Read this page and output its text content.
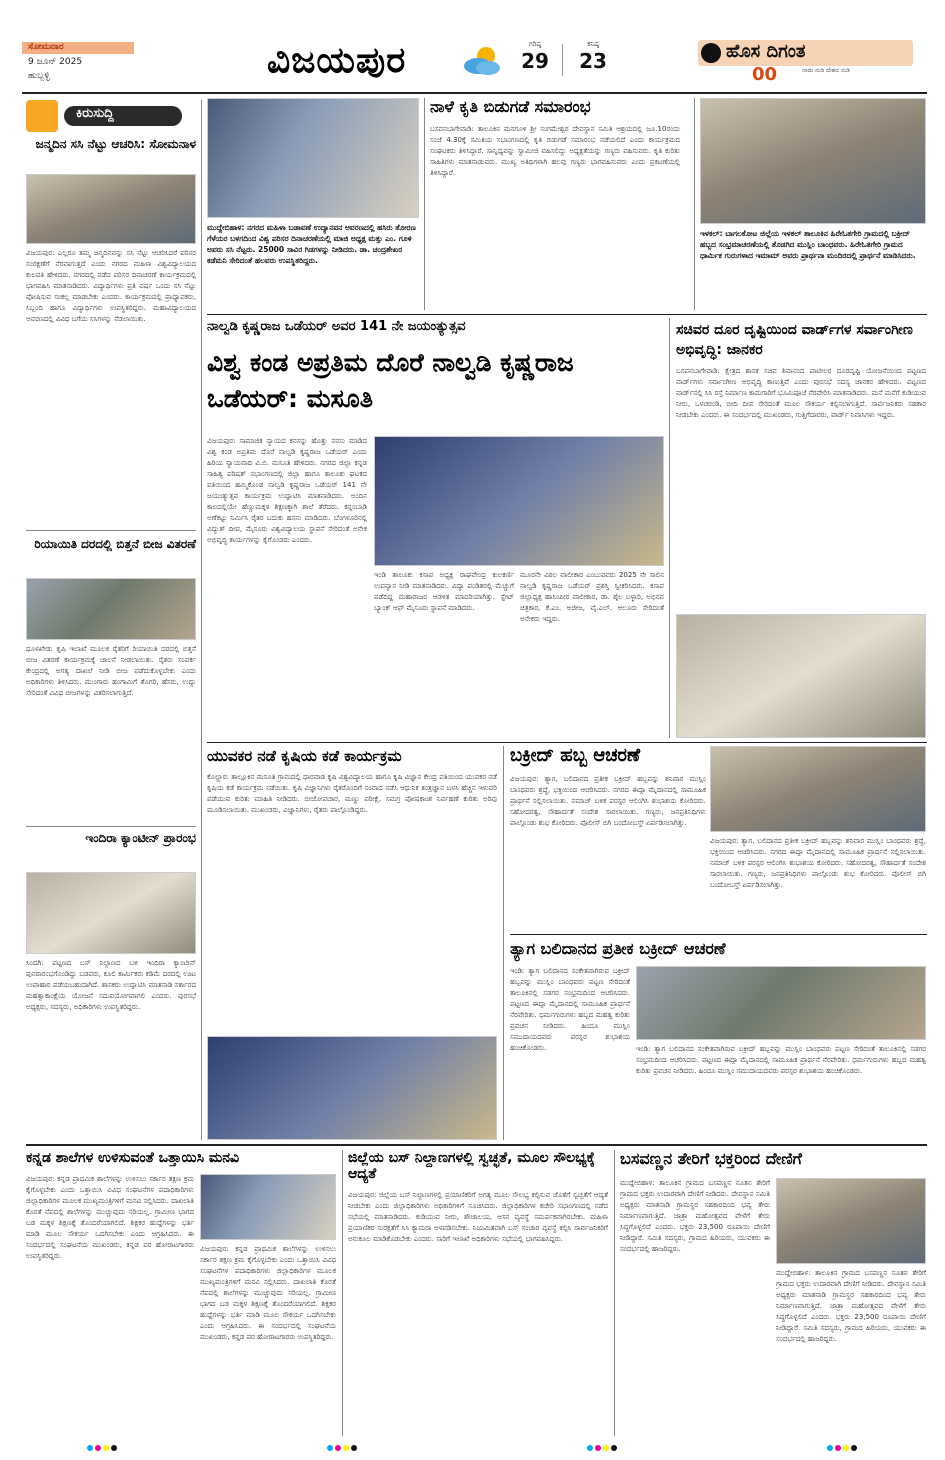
ಸೋಮವಾರ
9 ಜೂನ್ 2025
ಹುಬ್ಬಳ್ಳಿ	ವಿಜಯಪುರ	ಗರಿಷ್ಠ
29
ಕನಿಷ್ಠ
23	ಹೊಸ ದಿಗಂತ
ನಾಡು ನುಡಿ ದೇಶದ ನುಡಿ
00
ಕಿರುಸುದ್ದಿ
ಜನ್ಮದಿನ ಸಸಿ ನೆಟ್ಟು ಆಚರಿಸಿ: ಸೋಮನಾಳ
ವಿಜಯಪುರ: ಎಲ್ಲರೂ ತಮ್ಮ ಜನ್ಮದಿನವನ್ನು ಸಸಿ ನೆಟ್ಟು ಆಚರಿಸಿದರೆ ಪರಿಸರ ಸಂರಕ್ಷಣೆಗೆ ನೆರವಾಗುತ್ತದೆ ಎಂದು ನಗರದ ಮಹಿಳಾ ವಿಶ್ವವಿದ್ಯಾಲಯದ ಕುಲಪತಿ ಹೇಳಿದರು. ನಗರದಲ್ಲಿ ನಡೆದ ಪರಿಸರ ದಿನಾಚರಣೆ ಕಾರ್ಯಕ್ರಮದಲ್ಲಿ ಭಾಗವಹಿಸಿ ಮಾತನಾಡಿದರು. ವಿದ್ಯಾರ್ಥಿಗಳು ಪ್ರತಿ ವರ್ಷ ಒಂದು ಸಸಿ ನೆಟ್ಟು ಪೋಷಿಸುವ ಸಂಕಲ್ಪ ಮಾಡಬೇಕು ಎಂದರು. ಕಾರ್ಯಕ್ರಮದಲ್ಲಿ ಪ್ರಾಧ್ಯಾಪಕರು, ಸಿಬ್ಬಂದಿ ಹಾಗೂ ವಿದ್ಯಾರ್ಥಿಗಳು ಉಪಸ್ಥಿತರಿದ್ದರು. ಮಹಾವಿದ್ಯಾಲಯದ ಆವರಣದಲ್ಲಿ ವಿವಿಧ ಬಗೆಯ ಸಸಿಗಳನ್ನು ನೆಡಲಾಯಿತು.
ರಿಯಾಯಿತಿ ದರದಲ್ಲಿ ಬಿತ್ತನೆ ಬೀಜ ವಿತರಣೆ
ಧೂಳಖೇಡ: ಕೃಷಿ ಇಲಾಖೆ ಮೂಲಕ ರೈತರಿಗೆ ರಿಯಾಯಿತಿ ದರದಲ್ಲಿ ಬಿತ್ತನೆ ಬೀಜ ವಿತರಣೆ ಕಾರ್ಯಕ್ರಮಕ್ಕೆ ಚಾಲನೆ ನೀಡಲಾಯಿತು. ರೈತರು ಸಂಪರ್ಕ ಕೇಂದ್ರದಲ್ಲಿ ಅಗತ್ಯ ದಾಖಲೆ ನೀಡಿ ಬೀಜ ಪಡೆದುಕೊಳ್ಳಬೇಕು ಎಂದು ಅಧಿಕಾರಿಗಳು ತಿಳಿಸಿದರು. ಮುಂಗಾರು ಹಂಗಾಮಿಗೆ ತೊಗರಿ, ಹೆಸರು, ಉದ್ದು ಸೇರಿದಂತೆ ವಿವಿಧ ಬೀಜಗಳನ್ನು ವಿತರಿಸಲಾಗುತ್ತಿದೆ.
ಇಂದಿರಾ ಕ್ಯಾಂಟೀನ್ ಪ್ರಾರಂಭ
ಸಿಂದಗಿ: ಪಟ್ಟಣದ ಬಸ್ ನಿಲ್ದಾಣದ ಬಳಿ ಇಂದಿರಾ ಕ್ಯಾಂಟೀನ್ ಪುನರಾರಂಭಗೊಂಡಿದ್ದು ಬಡವರು, ಕೂಲಿ ಕಾರ್ಮಿಕರು ಕಡಿಮೆ ದರದಲ್ಲಿ ಊಟ ಉಪಾಹಾರ ಪಡೆಯಬಹುದಾಗಿದೆ. ಶಾಸಕರು ಉದ್ಘಾಟಿಸಿ ಮಾತನಾಡಿ ಸರ್ಕಾರದ ಮಹತ್ವಾಕಾಂಕ್ಷೆಯ ಯೋಜನೆ ಸದುಪಯೋಗವಾಗಲಿ ಎಂದರು. ಪುರಸಭೆ ಅಧ್ಯಕ್ಷರು, ಸದಸ್ಯರು, ಅಧಿಕಾರಿಗಳು ಉಪಸ್ಥಿತರಿದ್ದರು.
ಮುದ್ದೇಬಿಹಾಳ: ನಗರದ ಮಹಿಳಾ ಬಡಾವಣೆ ಉದ್ಯಾನವನ ಆವರಣದಲ್ಲಿ ಹಸಿರು ತೋರಣ ಗೆಳೆಯರ ಬಳಗದಿಂದ ವಿಶ್ವ ಪರಿಸರ ದಿನಾಚರಣೆಯಲ್ಲಿ ಮಾಜಿ ಅಧ್ಯಕ್ಷ ಮತ್ತು ಎಂ. ಗೂಳಿ ಅವರು ಸಸಿ ನೆಟ್ಟರು. 25000 ಸಾವಿರ ಗಿಡಗಳನ್ನು ನೀಡಿದರು. ಡಾ. ಚಂದ್ರಶೇಖರ ಕಡೆಮನಿ ಸೇರಿದಂತೆ ಹಲವರು ಉಪಸ್ಥಿತರಿದ್ದರು.
ನಾಳೆ ಕೃತಿ ಬಿಡುಗಡೆ ಸಮಾರಂಭ
ಬಸವನಬಾಗೇವಾಡಿ: ತಾಲೂಕಿನ ಮನಗೂಳಿ ಶ್ರೀ ಸಂಗಮೇಶ್ವರ ದೇವಸ್ಥಾನ ಸಮಿತಿ ಆಶ್ರಯದಲ್ಲಿ ಜೂ.10ರಂದು ಸಂಜೆ 4.30ಕ್ಕೆ ಸಮಿತಿಯ ಸಭಾಂಗಣದಲ್ಲಿ ಕೃತಿ ಬಿಡುಗಡೆ ಸಮಾರಂಭ ನಡೆಯಲಿದೆ ಎಂದು ಕಾರ್ಯಕ್ರಮದ ಸಂಘಟಕರು ತಿಳಿಸಿದ್ದಾರೆ. ಸಾನ್ನಿಧ್ಯವನ್ನು ಸ್ವಾಮೀಜಿ ವಹಿಸಲಿದ್ದು ಅಧ್ಯಕ್ಷತೆಯನ್ನು ಗಣ್ಯರು ವಹಿಸುವರು. ಕೃತಿ ಕುರಿತು ಸಾಹಿತಿಗಳು ಮಾತನಾಡುವರು. ಮುಖ್ಯ ಅತಿಥಿಗಳಾಗಿ ಹಲವು ಗಣ್ಯರು ಭಾಗವಹಿಸುವರು ಎಂದು ಪ್ರಕಟಣೆಯಲ್ಲಿ ತಿಳಿಸಿದ್ದಾರೆ.
ಇಳಕಲ್: ಬಾಗಲಕೋಟ ಜಿಲ್ಲೆಯ ಇಳಕಲ್ ತಾಲೂಕಿನ ಹಿರೇಓತಗೇರಿ ಗ್ರಾಮದಲ್ಲಿ ಬಕ್ರೀದ್ ಹಬ್ಬದ ಸಂಭ್ರಮಾಚರಣೆಯಲ್ಲಿ ತೊಡಗಿದ ಮುಸ್ಲಿಂ ಬಾಂಧವರು. ಹಿರೇಓತಗೇರಿ ಗ್ರಾಮದ ಧಾರ್ಮಿಕ ಗುರುಗಳಾದ ಇಮಾಮ್ ಅವರು ಪ್ರಾರ್ಥನಾ ಮಂದಿರದಲ್ಲಿ ಪ್ರಾರ್ಥನೆ ಮಾಡಿಸಿದರು.
ನಾಲ್ವಡಿ ಕೃಷ್ಣರಾಜ ಒಡೆಯರ್ ಅವರ 141 ನೇ ಜಯಂತ್ಯುತ್ಸವ
ವಿಶ್ವ ಕಂಡ ಅಪ್ರತಿಮ ದೊರೆ ನಾಲ್ವಡಿ ಕೃಷ್ಣರಾಜ ಒಡೆಯರ್: ಮಸೂತಿ
ವಿಜಯಪುರ: ಸಾಮಾಜಿಕ ನ್ಯಾಯದ ಕನಸನ್ನು ಹೊತ್ತು ನನಸು ಮಾಡಿದ ವಿಶ್ವ ಕಂಡ ಅಪ್ರತಿಮ ದೊರೆ ನಾಲ್ವಡಿ ಕೃಷ್ಣರಾಜ ಒಡೆಯರ್ ಎಂದು ಹಿರಿಯ ನ್ಯಾಯವಾದಿ ವಿ.ಬಿ. ಮಸೂತಿ ಹೇಳಿದರು. ನಗರದ ಜಿಲ್ಲಾ ಕನ್ನಡ ಸಾಹಿತ್ಯ ಪರಿಷತ್ ಸಭಾಂಗಣದಲ್ಲಿ ಜಿಲ್ಲಾ ಹಾಗೂ ತಾಲೂಕು ಘಟಕದ ವತಿಯಿಂದ ಹಮ್ಮಿಕೊಂಡ ನಾಲ್ವಡಿ ಕೃಷ್ಣರಾಜ ಒಡೆಯರ್ 141 ನೇ ಜಯಂತ್ಯುತ್ಸವ ಕಾರ್ಯಕ್ರಮ ಉದ್ಘಾಟಿಸಿ ಮಾತನಾಡಿದರು. ಅಂದಿನ ಕಾಲದಲ್ಲಿಯೇ ಹೆಣ್ಣುಮಕ್ಕಳ ಶಿಕ್ಷಣಕ್ಕಾಗಿ ಶಾಲೆ ತೆರೆದರು. ಕನ್ನಂಬಾಡಿ ಅಣೆಕಟ್ಟು ನಿರ್ಮಿಸಿ ರೈತರ ಬದುಕು ಹಸನು ಮಾಡಿದರು. ಬೆಂಗಳೂರಿನಲ್ಲಿ ವಿದ್ಯುತ್ ದೀಪ, ಮೈಸೂರು ವಿಶ್ವವಿದ್ಯಾಲಯ ಸ್ಥಾಪನೆ ಸೇರಿದಂತೆ ಅನೇಕ ಅಭಿವೃದ್ಧಿ ಕಾರ್ಯಗಳನ್ನು ಕೈಗೊಂಡರು ಎಂದರು.
ಇಂಡಿ ತಾಲೂಕು ಕಸಾಪ ಅಧ್ಯಕ್ಷ ರಾಘವೇಂದ್ರ ಕುಲಕರ್ಣಿ ಉಪನ್ಯಾಸ ನೀಡಿ ಮಾತನಾಡಿದರು. ವಿದ್ಯಾ ಪಂಡಿತರಲ್ಲಿ ಮೆಚ್ಚುಗೆ ಪಡೆದಿದ್ದ ಮಹಾರಾಜರ ಆಡಳಿತ ಮಾದರಿಯಾಗಿತ್ತು. ಸ್ಟೇಟ್ ಬ್ಯಾಂಕ್ ಆಫ್ ಮೈಸೂರು ಸ್ಥಾಪನೆ ಮಾಡಿದರು.
ಮೂರನೇ ವಿಠಲ ವಾಲೀಕಾರ ಎಂಬುವವರು 2025 ನೇ ಸಾಲಿನ ನಾಲ್ವಡಿ ಕೃಷ್ಣರಾಜ ಒಡೆಯರ್ ಪ್ರಶಸ್ತಿ ಸ್ವೀಕರಿಸಿದರು. ಕಸಾಪ ಜಿಲ್ಲಾಧ್ಯಕ್ಷ ಹಾಸಿಂಪೀರ ವಾಲೀಕಾರ, ಡಾ. ಶೈಲ ಬಳ್ಳಾರಿ, ಅಭಿನವ ಚಿತ್ರಕಾರ, ಕೆ.ಎಂ. ಅಜೀಜ, ವೈ.ಎಲ್. ಆಲೂರು ಸೇರಿದಂತೆ ಅನೇಕರು ಇದ್ದರು.
ಸಚಿವರ ದೂರ ದೃಷ್ಟಿಯಿಂದ ವಾರ್ಡ್‌ಗಳ ಸರ್ವಾಂಗೀಣ ಅಭಿವೃದ್ಧಿ: ಜಾನಕರ
ಬಸವನಬಾಗೇವಾಡಿ: ಕ್ಷೇತ್ರದ ಶಾಸಕ ಸಚಿವ ಶಿವಾನಂದ ಪಾಟೀಲರ ದೂರದೃಷ್ಟಿ ಯೋಜನೆಯಿಂದ ಪಟ್ಟಣದ ವಾರ್ಡ್‌ಗಳು ಸರ್ವಾಂಗೀಣ ಅಭಿವೃದ್ಧಿ ಕಾಣುತ್ತಿವೆ ಎಂದು ಪುರಸಭೆ ಸದಸ್ಯ ಜಾನಕರ ಹೇಳಿದರು. ಪಟ್ಟಣದ ವಾರ್ಡ್‌ನಲ್ಲಿ ಸಿಸಿ ರಸ್ತೆ ನಿರ್ಮಾಣ ಕಾಮಗಾರಿಗೆ ಭೂಮಿಪೂಜೆ ನೆರವೇರಿಸಿ ಮಾತನಾಡಿದರು. ಮನೆ ಮನೆಗೆ ಕುಡಿಯುವ ನೀರು, ಒಳಚರಂಡಿ, ಬೀದಿ ದೀಪ ಸೇರಿದಂತೆ ಮೂಲ ಸೌಕರ್ಯ ಕಲ್ಪಿಸಲಾಗುತ್ತಿದೆ. ಸಾರ್ವಜನಿಕರು ಸಹಕಾರ ನೀಡಬೇಕು ಎಂದರು. ಈ ಸಂದರ್ಭದಲ್ಲಿ ಮುಖಂಡರು, ಗುತ್ತಿಗೆದಾರರು, ವಾರ್ಡ್ ನಿವಾಸಿಗಳು ಇದ್ದರು.
ಯುವಕರ ನಡೆ ಕೃಷಿಯ ಕಡೆ ಕಾರ್ಯಕ್ರಮ
ಕೊಲ್ಹಾರ: ತಾಲ್ಲೂಕಿನ ಮಸೂತಿ ಗ್ರಾಮದಲ್ಲಿ ಧಾರವಾಡ ಕೃಷಿ ವಿಶ್ವವಿದ್ಯಾಲಯ ಹಾಗೂ ಕೃಷಿ ವಿಜ್ಞಾನ ಕೇಂದ್ರ ವತಿಯಿಂದ ಯುವಕರ ನಡೆ ಕೃಷಿಯ ಕಡೆ ಕಾರ್ಯಕ್ರಮ ನಡೆಯಿತು. ಕೃಷಿ ವಿಜ್ಞಾನಿಗಳು ರೈತರೊಂದಿಗೆ ಸಂವಾದ ನಡೆಸಿ ಆಧುನಿಕ ತಂತ್ರಜ್ಞಾನ ಬಳಸಿ ಹೆಚ್ಚಿನ ಇಳುವರಿ ಪಡೆಯುವ ಕುರಿತು ಮಾಹಿತಿ ನೀಡಿದರು. ಬೀಜೋಪಚಾರ, ಮಣ್ಣು ಪರೀಕ್ಷೆ, ಸಮಗ್ರ ಪೋಷಕಾಂಶ ನಿರ್ವಹಣೆ ಕುರಿತು ಅರಿವು ಮೂಡಿಸಲಾಯಿತು. ಮುಖಂಡರು, ವಿಜ್ಞಾನಿಗಳು, ರೈತರು ಪಾಲ್ಗೊಂಡಿದ್ದರು.
ಬಕ್ರೀದ್ ಹಬ್ಬ ಆಚರಣೆ
ವಿಜಯಪುರ: ತ್ಯಾಗ, ಬಲಿದಾನದ ಪ್ರತೀಕ ಬಕ್ರೀದ್ ಹಬ್ಬವನ್ನು ಶನಿವಾರ ಮುಸ್ಲಿಂ ಬಾಂಧವರು ಶ್ರದ್ಧೆ, ಭಕ್ತಿಯಿಂದ ಆಚರಿಸಿದರು. ನಗರದ ಈದ್ಗಾ ಮೈದಾನದಲ್ಲಿ ಸಾಮೂಹಿಕ ಪ್ರಾರ್ಥನೆ ಸಲ್ಲಿಸಲಾಯಿತು. ನಮಾಜ್ ಬಳಿಕ ಪರಸ್ಪರ ಆಲಿಂಗಿಸಿ ಶುಭಾಶಯ ಕೋರಿದರು. ಸಹೋದರತ್ವ, ಸೌಹಾರ್ದತೆ ಸಂದೇಶ ಸಾರಲಾಯಿತು. ಗಣ್ಯರು, ಜನಪ್ರತಿನಿಧಿಗಳು ಪಾಲ್ಗೊಂಡು ಶುಭ ಕೋರಿದರು. ಪೊಲೀಸ್ ಬಿಗಿ ಬಂದೋಬಸ್ತ್ ಏರ್ಪಡಿಸಲಾಗಿತ್ತು.
ವಿಜಯಪುರ: ತ್ಯಾಗ, ಬಲಿದಾನದ ಪ್ರತೀಕ ಬಕ್ರೀದ್ ಹಬ್ಬವನ್ನು ಶನಿವಾರ ಮುಸ್ಲಿಂ ಬಾಂಧವರು ಶ್ರದ್ಧೆ, ಭಕ್ತಿಯಿಂದ ಆಚರಿಸಿದರು. ನಗರದ ಈದ್ಗಾ ಮೈದಾನದಲ್ಲಿ ಸಾಮೂಹಿಕ ಪ್ರಾರ್ಥನೆ ಸಲ್ಲಿಸಲಾಯಿತು. ನಮಾಜ್ ಬಳಿಕ ಪರಸ್ಪರ ಆಲಿಂಗಿಸಿ ಶುಭಾಶಯ ಕೋರಿದರು. ಸಹೋದರತ್ವ, ಸೌಹಾರ್ದತೆ ಸಂದೇಶ ಸಾರಲಾಯಿತು. ಗಣ್ಯರು, ಜನಪ್ರತಿನಿಧಿಗಳು ಪಾಲ್ಗೊಂಡು ಶುಭ ಕೋರಿದರು. ಪೊಲೀಸ್ ಬಿಗಿ ಬಂದೋಬಸ್ತ್ ಏರ್ಪಡಿಸಲಾಗಿತ್ತು.
ತ್ಯಾಗ ಬಲಿದಾನದ ಪ್ರತೀಕ ಬಕ್ರೀದ್ ಆಚರಣೆ
ಇಂಡಿ: ತ್ಯಾಗ ಬಲಿದಾನದ ಸಂಕೇತವಾಗಿರುವ ಬಕ್ರೀದ್ ಹಬ್ಬವನ್ನು ಮುಸ್ಲಿಂ ಬಾಂಧವರು ಪಟ್ಟಣ ಸೇರಿದಂತೆ ತಾಲೂಕಿನಲ್ಲಿ ಸಡಗರ ಸಂಭ್ರಮದಿಂದ ಆಚರಿಸಿದರು. ಪಟ್ಟಣದ ಈದ್ಗಾ ಮೈದಾನದಲ್ಲಿ ಸಾಮೂಹಿಕ ಪ್ರಾರ್ಥನೆ ನೆರವೇರಿತು. ಧರ್ಮಗುರುಗಳು ಹಬ್ಬದ ಮಹತ್ವ ಕುರಿತು ಪ್ರವಚನ ನೀಡಿದರು. ಹಿಂದೂ ಮುಸ್ಲಿಂ ಸಮುದಾಯದವರು ಪರಸ್ಪರ ಶುಭಾಶಯ ಹಂಚಿಕೊಂಡರು.	ಇಂಡಿ: ತ್ಯಾಗ ಬಲಿದಾನದ ಸಂಕೇತವಾಗಿರುವ ಬಕ್ರೀದ್ ಹಬ್ಬವನ್ನು ಮುಸ್ಲಿಂ ಬಾಂಧವರು ಪಟ್ಟಣ ಸೇರಿದಂತೆ ತಾಲೂಕಿನಲ್ಲಿ ಸಡಗರ ಸಂಭ್ರಮದಿಂದ ಆಚರಿಸಿದರು. ಪಟ್ಟಣದ ಈದ್ಗಾ ಮೈದಾನದಲ್ಲಿ ಸಾಮೂಹಿಕ ಪ್ರಾರ್ಥನೆ ನೆರವೇರಿತು. ಧರ್ಮಗುರುಗಳು ಹಬ್ಬದ ಮಹತ್ವ ಕುರಿತು ಪ್ರವಚನ ನೀಡಿದರು. ಹಿಂದೂ ಮುಸ್ಲಿಂ ಸಮುದಾಯದವರು ಪರಸ್ಪರ ಶುಭಾಶಯ ಹಂಚಿಕೊಂಡರು.
ಕನ್ನಡ ಶಾಲೆಗಳ ಉಳಿಸುವಂತೆ ಒತ್ತಾಯಿಸಿ ಮನವಿ
ವಿಜಯಪುರ: ಕನ್ನಡ ಪ್ರಾಥಮಿಕ ಶಾಲೆಗಳನ್ನು ಉಳಿಸಲು ಸರ್ಕಾರ ತಕ್ಷಣ ಕ್ರಮ ಕೈಗೊಳ್ಳಬೇಕು ಎಂದು ಒತ್ತಾಯಿಸಿ ವಿವಿಧ ಸಂಘಟನೆಗಳ ಪದಾಧಿಕಾರಿಗಳು ಜಿಲ್ಲಾಧಿಕಾರಿಗಳ ಮೂಲಕ ಮುಖ್ಯಮಂತ್ರಿಗಳಿಗೆ ಮನವಿ ಸಲ್ಲಿಸಿದರು. ದಾಖಲಾತಿ ಕೊರತೆ ನೆಪದಲ್ಲಿ ಶಾಲೆಗಳನ್ನು ಮುಚ್ಚುವುದು ಸರಿಯಲ್ಲ. ಗ್ರಾಮೀಣ ಭಾಗದ ಬಡ ಮಕ್ಕಳ ಶಿಕ್ಷಣಕ್ಕೆ ತೊಂದರೆಯಾಗಲಿದೆ. ಶಿಕ್ಷಕರ ಹುದ್ದೆಗಳನ್ನು ಭರ್ತಿ ಮಾಡಿ ಮೂಲ ಸೌಕರ್ಯ ಒದಗಿಸಬೇಕು ಎಂದು ಆಗ್ರಹಿಸಿದರು. ಈ ಸಂದರ್ಭದಲ್ಲಿ ಸಂಘಟನೆಯ ಮುಖಂಡರು, ಕನ್ನಡ ಪರ ಹೋರಾಟಗಾರರು ಉಪಸ್ಥಿತರಿದ್ದರು.
ವಿಜಯಪುರ: ಕನ್ನಡ ಪ್ರಾಥಮಿಕ ಶಾಲೆಗಳನ್ನು ಉಳಿಸಲು ಸರ್ಕಾರ ತಕ್ಷಣ ಕ್ರಮ ಕೈಗೊಳ್ಳಬೇಕು ಎಂದು ಒತ್ತಾಯಿಸಿ ವಿವಿಧ ಸಂಘಟನೆಗಳ ಪದಾಧಿಕಾರಿಗಳು ಜಿಲ್ಲಾಧಿಕಾರಿಗಳ ಮೂಲಕ ಮುಖ್ಯಮಂತ್ರಿಗಳಿಗೆ ಮನವಿ ಸಲ್ಲಿಸಿದರು. ದಾಖಲಾತಿ ಕೊರತೆ ನೆಪದಲ್ಲಿ ಶಾಲೆಗಳನ್ನು ಮುಚ್ಚುವುದು ಸರಿಯಲ್ಲ. ಗ್ರಾಮೀಣ ಭಾಗದ ಬಡ ಮಕ್ಕಳ ಶಿಕ್ಷಣಕ್ಕೆ ತೊಂದರೆಯಾಗಲಿದೆ. ಶಿಕ್ಷಕರ ಹುದ್ದೆಗಳನ್ನು ಭರ್ತಿ ಮಾಡಿ ಮೂಲ ಸೌಕರ್ಯ ಒದಗಿಸಬೇಕು ಎಂದು ಆಗ್ರಹಿಸಿದರು. ಈ ಸಂದರ್ಭದಲ್ಲಿ ಸಂಘಟನೆಯ ಮುಖಂಡರು, ಕನ್ನಡ ಪರ ಹೋರಾಟಗಾರರು ಉಪಸ್ಥಿತರಿದ್ದರು.
ಜಿಲ್ಲೆಯ ಬಸ್ ನಿಲ್ದಾಣಗಳಲ್ಲಿ ಸ್ವಚ್ಛತೆ, ಮೂಲ ಸೌಲಭ್ಯಕ್ಕೆ ಆದ್ಯತೆ
ವಿಜಯಪುರ: ಜಿಲ್ಲೆಯ ಬಸ್ ನಿಲ್ದಾಣಗಳಲ್ಲಿ ಪ್ರಯಾಣಿಕರಿಗೆ ಅಗತ್ಯ ಮೂಲ ಸೌಲಭ್ಯ ಕಲ್ಪಿಸುವ ಜೊತೆಗೆ ಸ್ವಚ್ಛತೆಗೆ ಆದ್ಯತೆ ನೀಡಬೇಕು ಎಂದು ಜಿಲ್ಲಾಧಿಕಾರಿಗಳು ಅಧಿಕಾರಿಗಳಿಗೆ ಸೂಚಿಸಿದರು. ಜಿಲ್ಲಾಧಿಕಾರಿಗಳ ಕಚೇರಿ ಸಭಾಂಗಣದಲ್ಲಿ ನಡೆದ ಸಭೆಯಲ್ಲಿ ಮಾತನಾಡಿದರು. ಕುಡಿಯುವ ನೀರು, ಶೌಚಾಲಯ, ಆಸನ ವ್ಯವಸ್ಥೆ ಸಮರ್ಪಕವಾಗಿರಬೇಕು. ಮಹಿಳಾ ಪ್ರಯಾಣಿಕರ ಸುರಕ್ಷತೆಗೆ ಸಿಸಿ ಕ್ಯಾಮರಾ ಅಳವಡಿಸಬೇಕು. ನಿಯಮಿತವಾಗಿ ಬಸ್ ಸಂಚಾರ ವ್ಯವಸ್ಥೆ ಕಲ್ಪಿಸಿ ಸಾರ್ವಜನಿಕರಿಗೆ ಅನುಕೂಲ ಮಾಡಿಕೊಡಬೇಕು ಎಂದರು. ಸಾರಿಗೆ ಇಲಾಖೆ ಅಧಿಕಾರಿಗಳು ಸಭೆಯಲ್ಲಿ ಭಾಗವಹಿಸಿದ್ದರು.
ಬಸವಣ್ಣನ ತೇರಿಗೆ ಭಕ್ತರಿಂದ ದೇಣಿಗೆ
ಮುದ್ದೇಬಿಹಾಳ: ತಾಲೂಕಿನ ಗ್ರಾಮದ ಬಸವಣ್ಣನ ನೂತನ ತೇರಿಗೆ ಗ್ರಾಮದ ಭಕ್ತರು ಉದಾರವಾಗಿ ದೇಣಿಗೆ ನೀಡಿದರು. ದೇವಸ್ಥಾನ ಸಮಿತಿ ಅಧ್ಯಕ್ಷರು ಮಾತನಾಡಿ ಗ್ರಾಮಸ್ಥರ ಸಹಕಾರದಿಂದ ಭವ್ಯ ತೇರು ನಿರ್ಮಾಣವಾಗುತ್ತಿದೆ. ಜಾತ್ರಾ ಮಹೋತ್ಸವದ ವೇಳೆಗೆ ತೇರು ಸಿದ್ಧಗೊಳ್ಳಲಿದೆ ಎಂದರು. ಭಕ್ತರು 23,500 ರೂಪಾಯಿ ದೇಣಿಗೆ ನೀಡಿದ್ದಾರೆ. ಸಮಿತಿ ಸದಸ್ಯರು, ಗ್ರಾಮದ ಹಿರಿಯರು, ಯುವಕರು ಈ ಸಂದರ್ಭದಲ್ಲಿ ಹಾಜರಿದ್ದರು.
ಮುದ್ದೇಬಿಹಾಳ: ತಾಲೂಕಿನ ಗ್ರಾಮದ ಬಸವಣ್ಣನ ನೂತನ ತೇರಿಗೆ ಗ್ರಾಮದ ಭಕ್ತರು ಉದಾರವಾಗಿ ದೇಣಿಗೆ ನೀಡಿದರು. ದೇವಸ್ಥಾನ ಸಮಿತಿ ಅಧ್ಯಕ್ಷರು ಮಾತನಾಡಿ ಗ್ರಾಮಸ್ಥರ ಸಹಕಾರದಿಂದ ಭವ್ಯ ತೇರು ನಿರ್ಮಾಣವಾಗುತ್ತಿದೆ. ಜಾತ್ರಾ ಮಹೋತ್ಸವದ ವೇಳೆಗೆ ತೇರು ಸಿದ್ಧಗೊಳ್ಳಲಿದೆ ಎಂದರು. ಭಕ್ತರು 23,500 ರೂಪಾಯಿ ದೇಣಿಗೆ ನೀಡಿದ್ದಾರೆ. ಸಮಿತಿ ಸದಸ್ಯರು, ಗ್ರಾಮದ ಹಿರಿಯರು, ಯುವಕರು ಈ ಸಂದರ್ಭದಲ್ಲಿ ಹಾಜರಿದ್ದರು.
